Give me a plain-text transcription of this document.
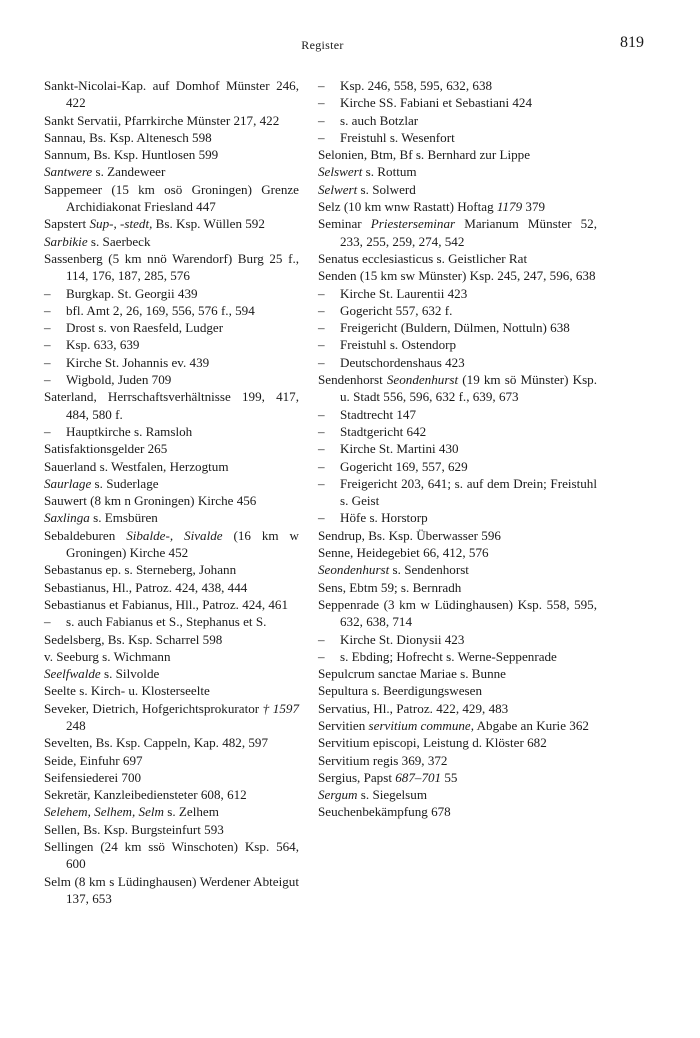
Register	819

Sankt-Nicolai-Kap. auf Domhof Münster 246, 422

Sankt Servatii, Pfarrkirche Münster 217, 422

Sannau, Bs. Ksp. Altenesch 598

Sannum, Bs. Ksp. Huntlosen 599

Santwere s. Zandeweer

Sappemeer (15 km osö Groningen) Grenze Archidiakonat Friesland 447

Sapstert Sup-, -stedt, Bs. Ksp. Wüllen 592

Sarbikie s. Saerbeck

Sassenberg (5 km nnö Warendorf) Burg 25 f., 114, 176, 187, 285, 576

– Burgkap. St. Georgii 439

– bfl. Amt 2, 26, 169, 556, 576 f., 594

– Drost s. von Raesfeld, Ludger

– Ksp. 633, 639

– Kirche St. Johannis ev. 439

– Wigbold, Juden 709

Saterland, Herrschaftsverhältnisse 199, 417, 484, 580 f.

– Hauptkirche s. Ramsloh

Satisfaktionsgelder 265

Sauerland s. Westfalen, Herzogtum

Saurlage s. Suderlage

Sauwert (8 km n Groningen) Kirche 456

Saxlinga s. Emsbüren

Sebaldeburen Sibalde-, Sivalde (16 km w Groningen) Kirche 452

Sebastanus ep. s. Sterneberg, Johann

Sebastianus, Hl., Patroz. 424, 438, 444

Sebastianus et Fabianus, Hll., Patroz. 424, 461

– s. auch Fabianus et S., Stephanus et S.

Sedelsberg, Bs. Ksp. Scharrel 598

v. Seeburg s. Wichmann

Seelfwalde s. Silvolde

Seelte s. Kirch- u. Klosterseelte

Seveker, Dietrich, Hofgerichtsprokurator † 1597 248

Sevelten, Bs. Ksp. Cappeln, Kap. 482, 597

Seide, Einfuhr 697

Seifensiederei 700

Sekretär, Kanzleibediensteter 608, 612

Selehem, Selhem, Selm s. Zelhem

Sellen, Bs. Ksp. Burgsteinfurt 593

Sellingen (24 km ssö Winschoten) Ksp. 564, 600

Selm (8 km s Lüdinghausen) Werdener Abteigut 137, 653

– Ksp. 246, 558, 595, 632, 638

– Kirche SS. Fabiani et Sebastiani 424

– s. auch Botzlar

– Freistuhl s. Wesenfort

Selonien, Btm, Bf s. Bernhard zur Lippe

Selswert s. Rottum

Selwert s. Solwerd

Selz (10 km wnw Rastatt) Hoftag 1179 379

Seminar Priesterseminar Marianum Münster 52, 233, 255, 259, 274, 542

Senatus ecclesiasticus s. Geistlicher Rat

Senden (15 km sw Münster) Ksp. 245, 247, 596, 638

– Kirche St. Laurentii 423

– Gogericht 557, 632 f.

– Freigericht (Buldern, Dülmen, Nottuln) 638

– Freistuhl s. Ostendorp

– Deutschordenshaus 423

Sendenhorst Seondenhurst (19 km sö Münster) Ksp. u. Stadt 556, 596, 632 f., 639, 673

– Stadtrecht 147

– Stadtgericht 642

– Kirche St. Martini 430

– Gogericht 169, 557, 629

– Freigericht 203, 641; s. auf dem Drein; Freistuhl s. Geist

– Höfe s. Horstorp

Sendrup, Bs. Ksp. Überwasser 596

Senne, Heidegebiet 66, 412, 576

Seondenhurst s. Sendenhorst

Sens, Ebtm 59; s. Bernradh

Seppenrade (3 km w Lüdinghausen) Ksp. 558, 595, 632, 638, 714

– Kirche St. Dionysii 423

– s. Ebding; Hofrecht s. Werne-Seppenrade

Sepulcrum sanctae Mariae s. Bunne

Sepultura s. Beerdigungswesen

Servatius, Hl., Patroz. 422, 429, 483

Servitien servitium commune, Abgabe an Kurie 362

Servitium episcopi, Leistung d. Klöster 682

Servitium regis 369, 372

Sergius, Papst 687–701 55

Sergum s. Siegelsum

Seuchenbekämpfung 678
